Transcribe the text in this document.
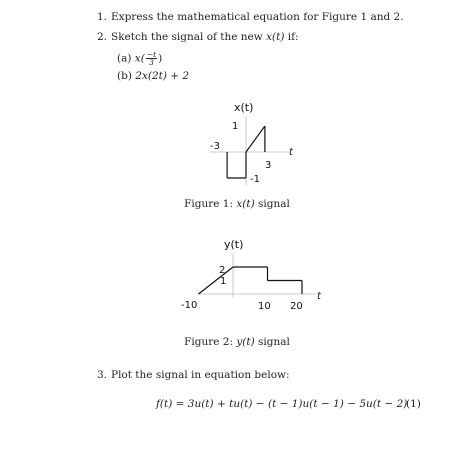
1. Express the mathematical equation for Figure 1 and 2.
2. Sketch the signal of the new x(t) if:
(a) $x( \frac{-t}{3}$ )
(b) 2x(2t) + 2
x(t)
1
-3
t
3
-1
Figure 1: x(t) signal
y(t)
2
1
-10	10 20
t
Figure 2: y(t) signal
3. Plot the signal in equation below:
f(t) = 3u(t) + tu(t) − (t − 1)u(t − 1) − 5u(t − 2)
(1)
